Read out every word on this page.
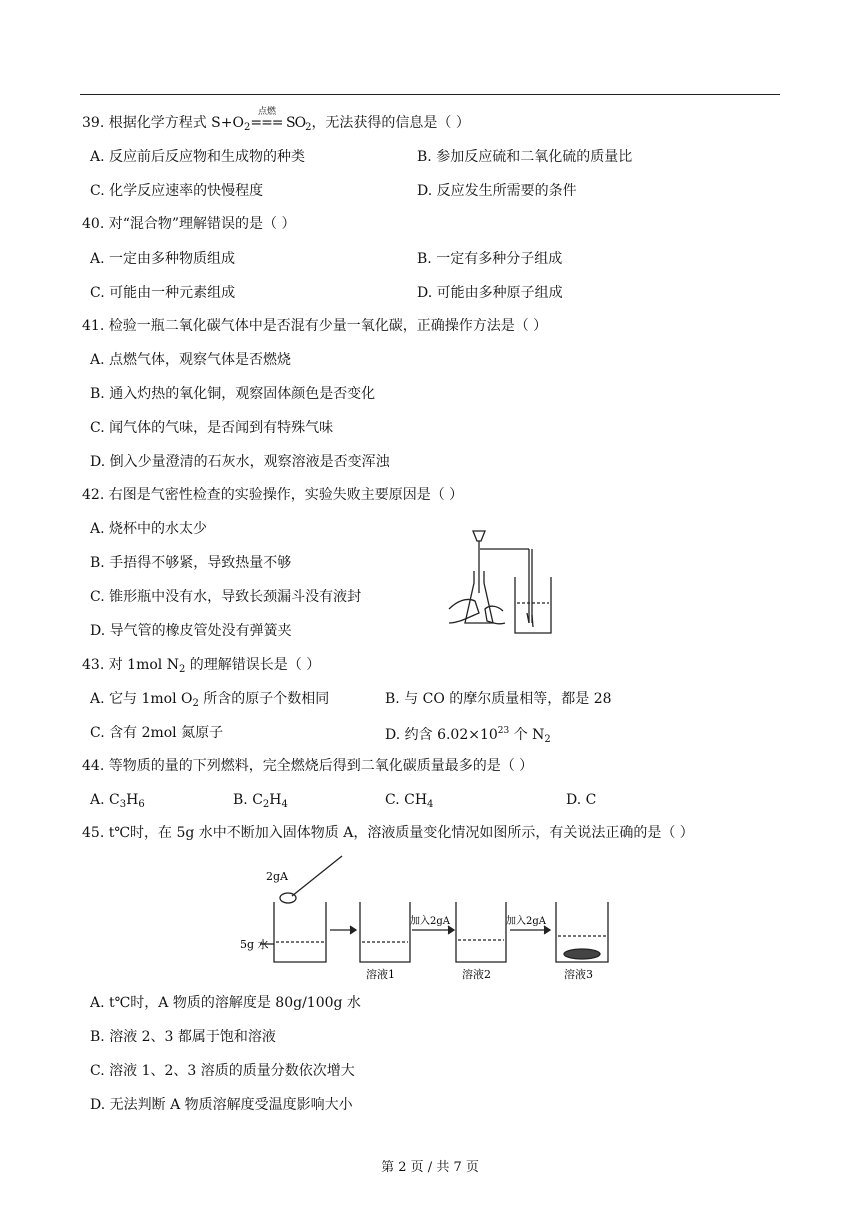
点燃
39. 根据化学方程式 $S+O_2=== SO_2$，无法获得的信息是（ ）
A. 反应前后反应物和生成物的种类	B. 参加反应硫和二氧化硫的质量比
C. 化学反应速率的快慢程度	D. 反应发生所需要的条件
40. 对“混合物”理解错误的是（ ）
A. 一定由多种物质组成	B. 一定有多种分子组成
C. 可能由一种元素组成	D. 可能由多种原子组成
41. 检验一瓶二氧化碳气体中是否混有少量一氧化碳，正确操作方法是（ ）
A. 点燃气体，观察气体是否燃烧
B. 通入灼热的氧化铜，观察固体颜色是否变化
C. 闻气体的气味，是否闻到有特殊气味
D. 倒入少量澄清的石灰水，观察溶液是否变浑浊
42. 右图是气密性检查的实验操作，实验失败主要原因是（ ）
A. 烧杯中的水太少
B. 手捂得不够紧，导致热量不够
C. 锥形瓶中没有水，导致长颈漏斗没有液封
D. 导气管的橡皮管处没有弹簧夹
43. 对 1mol $N_2$ 的理解错误长是（ ）
A. 它与 1mol $O_2$ 所含的原子个数相同	B. 与 CO 的摩尔质量相等，都是 28
C. 含有 2mol 氮原子	D. 约含 $6.02\times 10^{23}$ 个 $N_2$
44. 等物质的量的下列燃料，完全燃烧后得到二氧化碳质量最多的是（ ）
A. $C_3H_6$	B. $C_2H_4$	C. $CH_4$	D. C
45. t℃时，在 5g 水中不断加入固体物质 A，溶液质量变化情况如图所示，有关说法正确的是（ ）
2gA
5g 水
加入2gA	加入2gA
溶液1	溶液2	溶液3
A. t℃时，A 物质的溶解度是 80g/100g 水
B. 溶液 2、3 都属于饱和溶液
C. 溶液 1、2、3 溶质的质量分数依次增大
D. 无法判断 A 物质溶解度受温度影响大小
第 2 页 / 共 7 页
